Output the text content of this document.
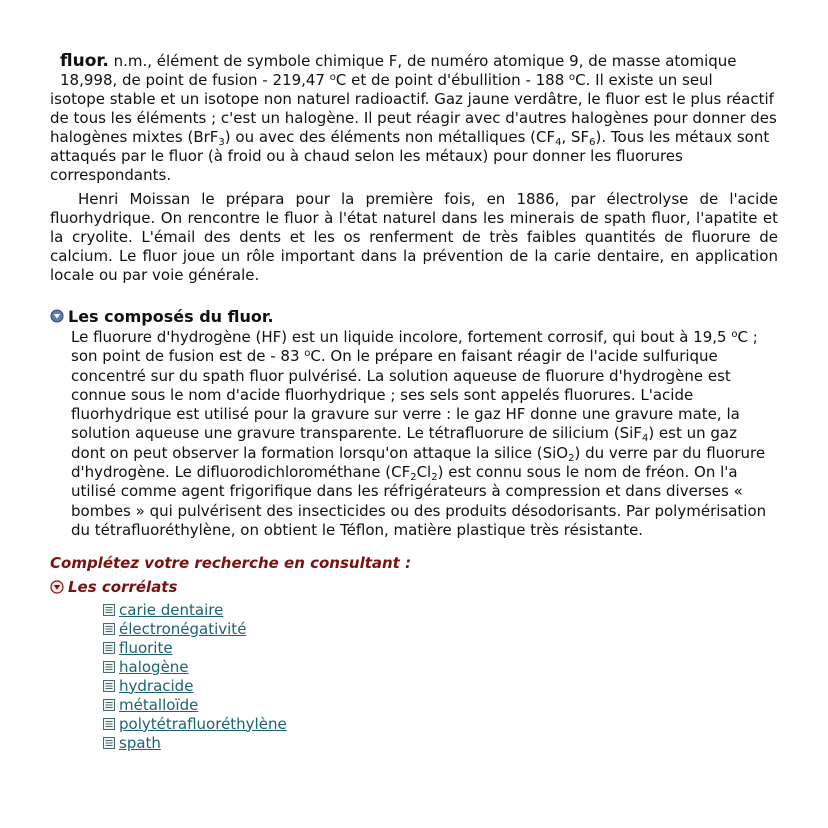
fluor. n.m., élément de symbole chimique F, de numéro atomique 9, de masse atomique
18,998, de point de fusion - 219,47 $^o$C et de point d'ébullition - 188 $^o$C. Il existe un seul
isotope stable et un isotope non naturel radioactif. Gaz jaune verdâtre, le fluor est le plus réactif de tous les éléments ; c'est un halogène. Il peut réagir avec d'autres halogènes pour donner des halogènes mixtes (BrF$_3$) ou avec des éléments non métalliques ($CF_4$, $SF_6$). Tous les métaux sont attaqués par le fluor (à froid ou à chaud selon les métaux) pour donner les fluorures correspondants.

Henri Moissan le prépara pour la première fois, en 1886, par électrolyse de l'acide fluorhydrique. On rencontre le fluor à l'état naturel dans les minerais de spath fluor, l'apatite et la cryolite. L'émail des dents et les os renferment de très faibles quantités de fluorure de calcium. Le fluor joue un rôle important dans la prévention de la carie dentaire, en application locale ou par voie générale.

Les composés du fluor.

Le fluorure d'hydrogène (HF) est un liquide incolore, fortement corrosif, qui bout à 19,5 $^o$C ; son point de fusion est de - 83 $^o$C. On le prépare en faisant réagir de l'acide sulfurique concentré sur du spath fluor pulvérisé. La solution aqueuse de fluorure d'hydrogène est connue sous le nom d'acide fluorhydrique ; ses sels sont appelés fluorures. L'acide fluorhydrique est utilisé pour la gravure sur verre : le gaz HF donne une gravure mate, la solution aqueuse une gravure transparente. Le tétrafluorure de silicium (SiF$_4$) est un gaz dont on peut observer la formation lorsqu'on attaque la silice (SiO$_2$) du verre par du fluorure d'hydrogène. Le difluorodichlorométhane $(CF_2Cl_2)$ est connu sous le nom de fréon. On l'a utilisé comme agent frigorifique dans les réfrigérateurs à compression et dans diverses « bombes » qui pulvérisent des insecticides ou des produits désodorisants. Par polymérisation du tétrafluoréthylène, on obtient le Téflon, matière plastique très résistante.

Complétez votre recherche en consultant :
Les corrélats
carie dentaire
électronégativité
fluorite
halogène
hydracide
métalloïde
polytétrafluoréthylène
spath
